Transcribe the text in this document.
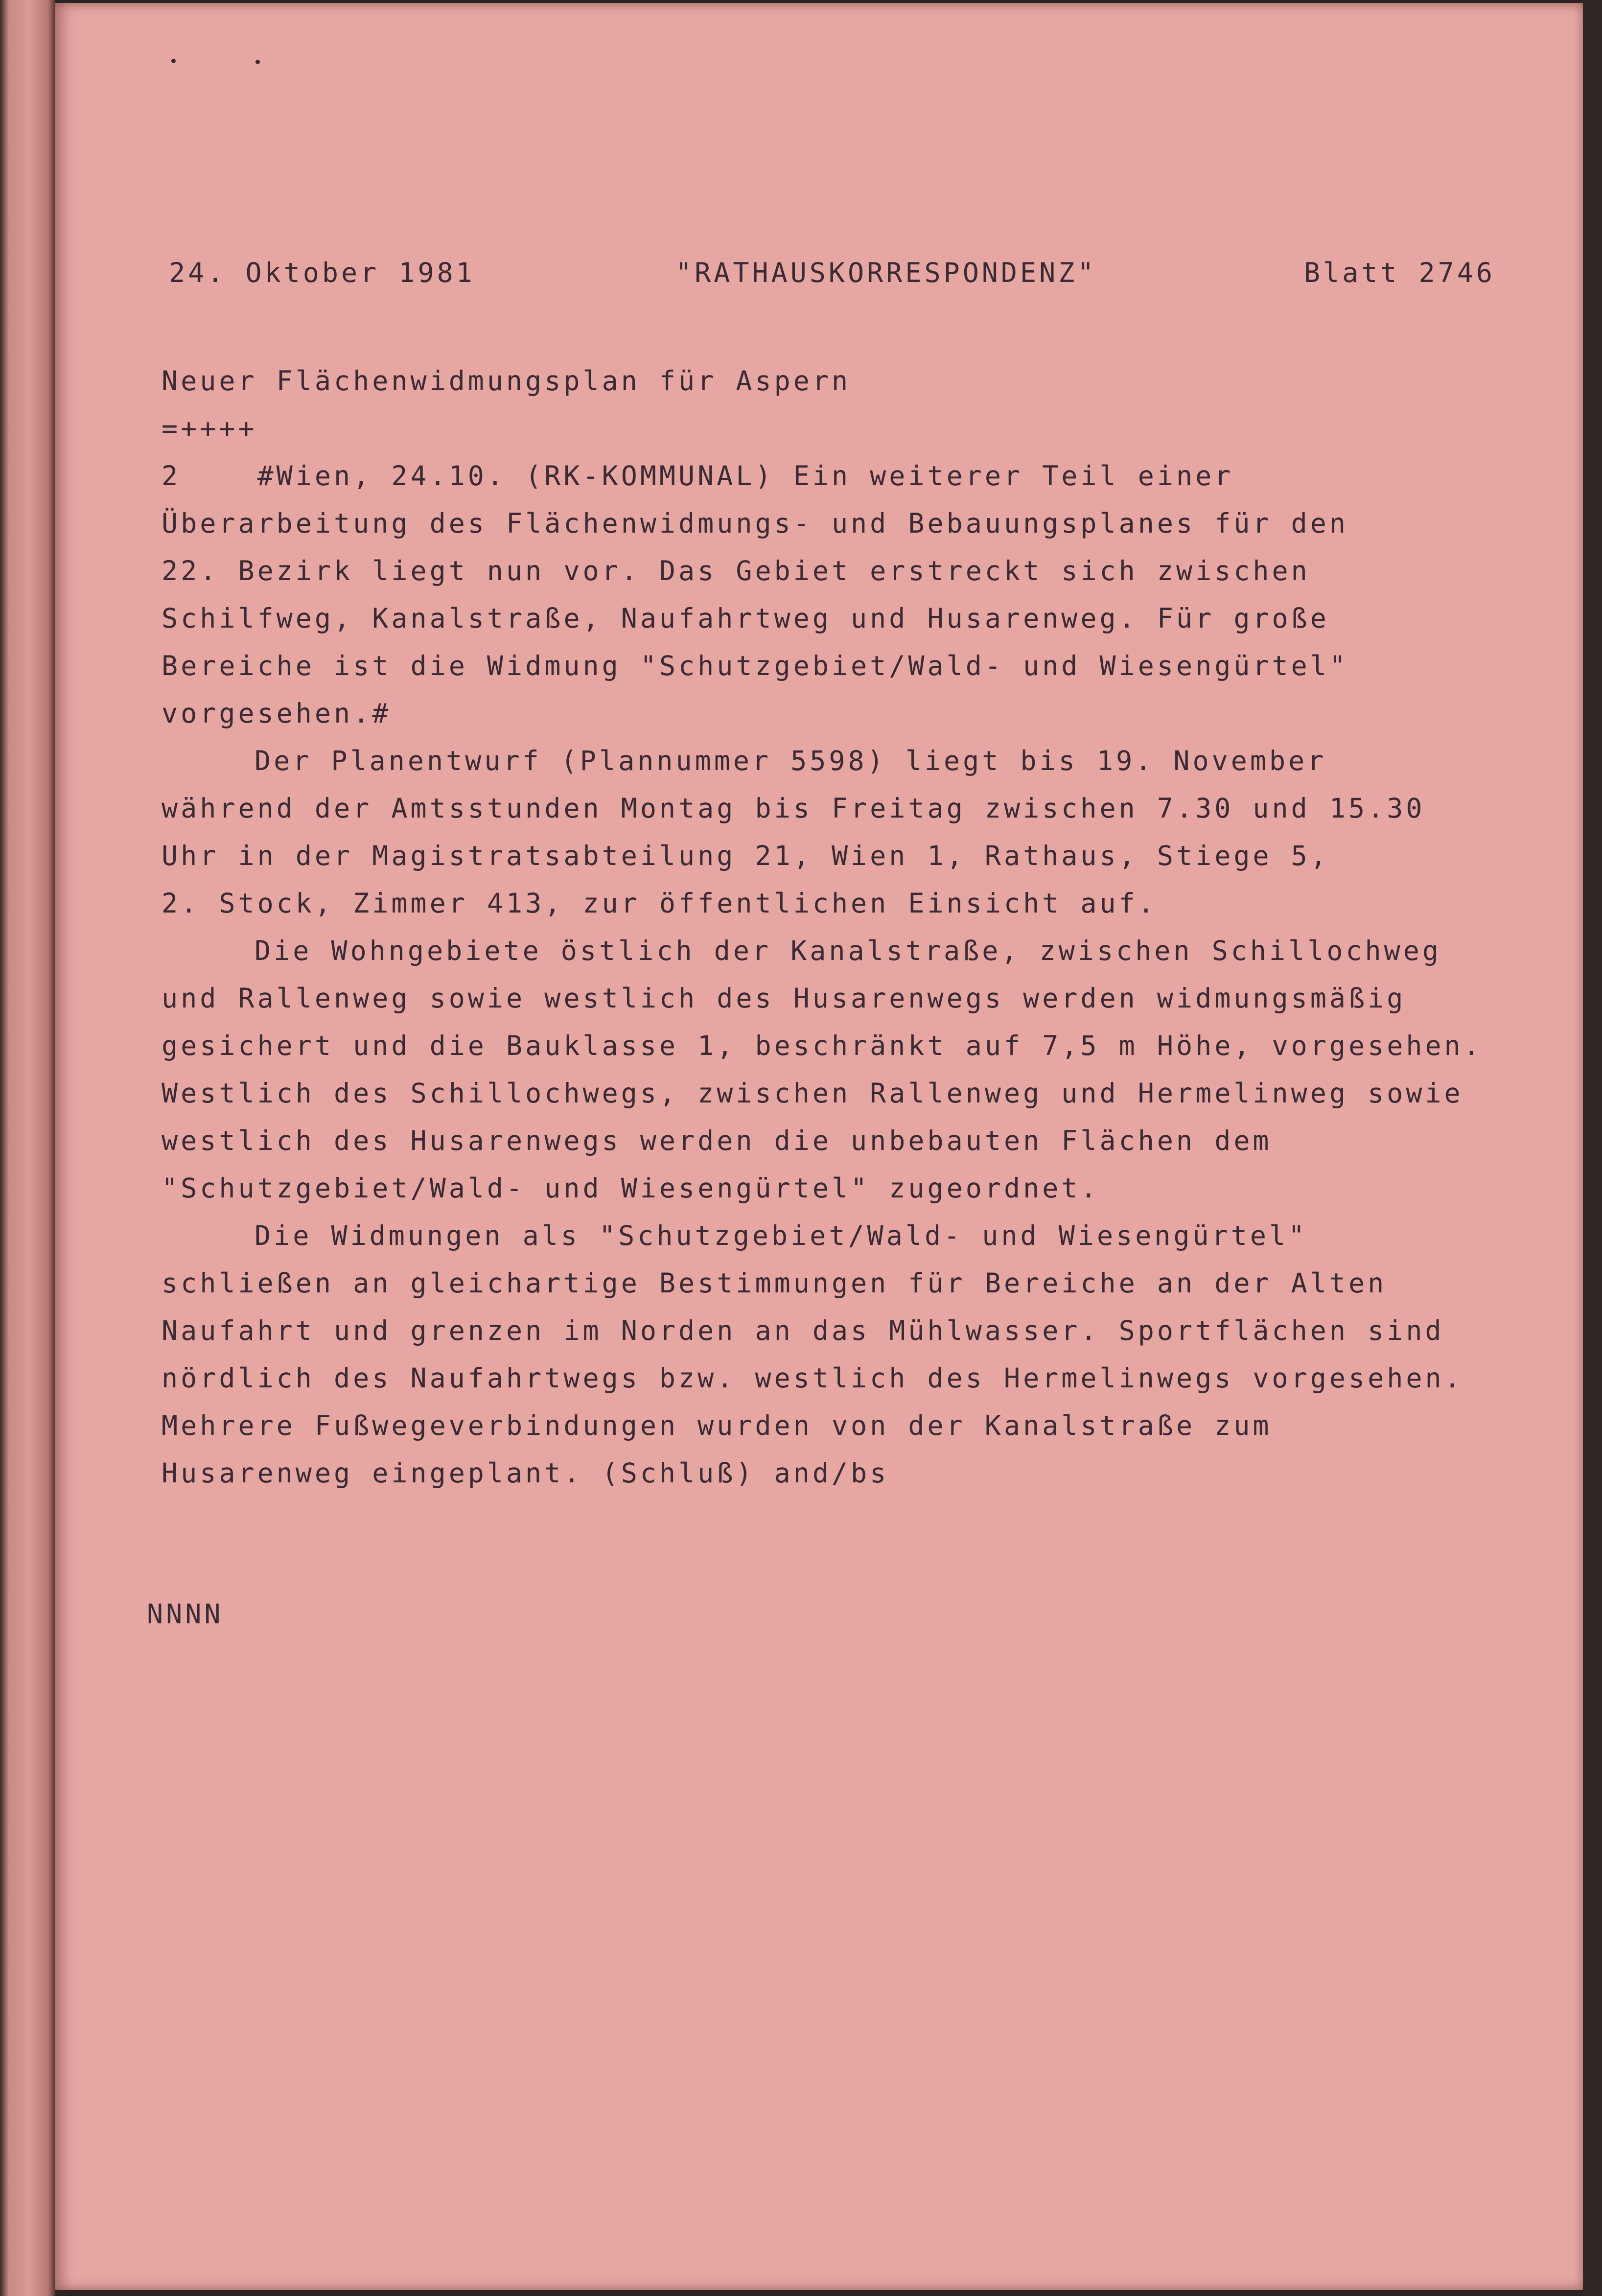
24. Oktober 1981	"RATHAUSKORRESPONDENZ"	Blatt 2746
Neuer Flächenwidmungsplan für Aspern
=++++
2    #Wien, 24.10. (RK-KOMMUNAL) Ein weiterer Teil einer
Überarbeitung des Flächenwidmungs- und Bebauungsplanes für den
22. Bezirk liegt nun vor. Das Gebiet erstreckt sich zwischen
Schilfweg, Kanalstraße, Naufahrtweg und Husarenweg. Für große
Bereiche ist die Widmung "Schutzgebiet/Wald- und Wiesengürtel"
vorgesehen.#
Der Planentwurf (Plannummer 5598) liegt bis 19. November
während der Amtsstunden Montag bis Freitag zwischen 7.30 und 15.30
Uhr in der Magistratsabteilung 21, Wien 1, Rathaus, Stiege 5,
2. Stock, Zimmer 413, zur öffentlichen Einsicht auf.
Die Wohngebiete östlich der Kanalstraße, zwischen Schillochweg
und Rallenweg sowie westlich des Husarenwegs werden widmungsmäßig
gesichert und die Bauklasse 1, beschränkt auf 7,5 m Höhe, vorgesehen.
Westlich des Schillochwegs, zwischen Rallenweg und Hermelinweg sowie
westlich des Husarenwegs werden die unbebauten Flächen dem
"Schutzgebiet/Wald- und Wiesengürtel" zugeordnet.
Die Widmungen als "Schutzgebiet/Wald- und Wiesengürtel"
schließen an gleichartige Bestimmungen für Bereiche an der Alten
Naufahrt und grenzen im Norden an das Mühlwasser. Sportflächen sind
nördlich des Naufahrtwegs bzw. westlich des Hermelinwegs vorgesehen.
Mehrere Fußwegeverbindungen wurden von der Kanalstraße zum
Husarenweg eingeplant. (Schluß) and/bs
NNNN
